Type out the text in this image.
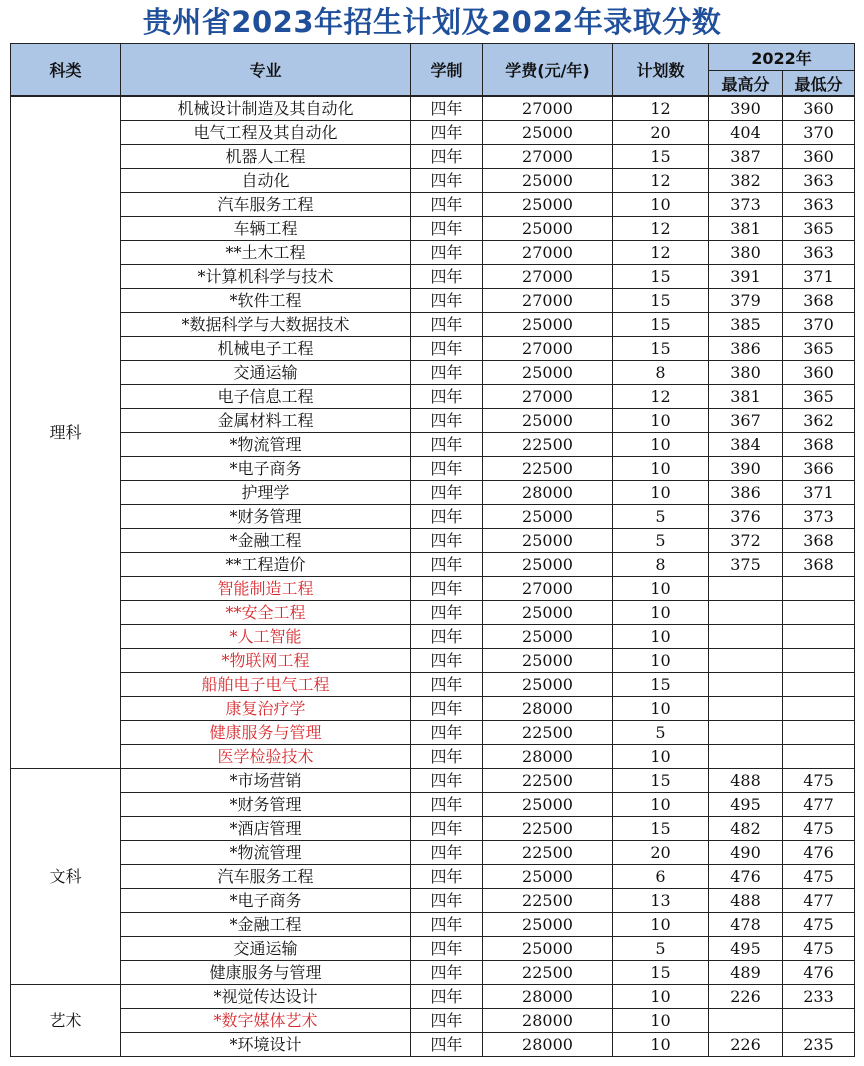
贵州省2023年招生计划及2022年录取分数
科类	专业	学制	学费(元/年)	计划数	2022年	
					最高分	最低分
理科	机械设计制造及其自动化	四年	27000	12	390	360
	电气工程及其自动化	四年	25000	20	404	370
	机器人工程	四年	27000	15	387	360
	自动化	四年	25000	12	382	363
	汽车服务工程	四年	25000	10	373	363
	车辆工程	四年	25000	12	381	365
	**土木工程	四年	27000	12	380	363
	*计算机科学与技术	四年	27000	15	391	371
	*软件工程	四年	27000	15	379	368
	*数据科学与大数据技术	四年	25000	15	385	370
	机械电子工程	四年	27000	15	386	365
	交通运输	四年	25000	8	380	360
	电子信息工程	四年	27000	12	381	365
	金属材料工程	四年	25000	10	367	362
	*物流管理	四年	22500	10	384	368
	*电子商务	四年	22500	10	390	366
	护理学	四年	28000	10	386	371
	*财务管理	四年	25000	5	376	373
	*金融工程	四年	25000	5	372	368
	**工程造价	四年	25000	8	375	368
	智能制造工程	四年	27000	10		
	**安全工程	四年	25000	10		
	*人工智能	四年	25000	10		
	*物联网工程	四年	25000	10		
	船舶电子电气工程	四年	25000	15		
	康复治疗学	四年	28000	10		
	健康服务与管理	四年	22500	5		
	医学检验技术	四年	28000	10		
文科	*市场营销	四年	22500	15	488	475
	*财务管理	四年	25000	10	495	477
	*酒店管理	四年	22500	15	482	475
	*物流管理	四年	22500	20	490	476
	汽车服务工程	四年	25000	6	476	475
	*电子商务	四年	22500	13	488	477
	*金融工程	四年	25000	10	478	475
	交通运输	四年	25000	5	495	475
	健康服务与管理	四年	22500	15	489	476
艺术	*视觉传达设计	四年	28000	10	226	233
	*数字媒体艺术	四年	28000	10		
	*环境设计	四年	28000	10	226	235
